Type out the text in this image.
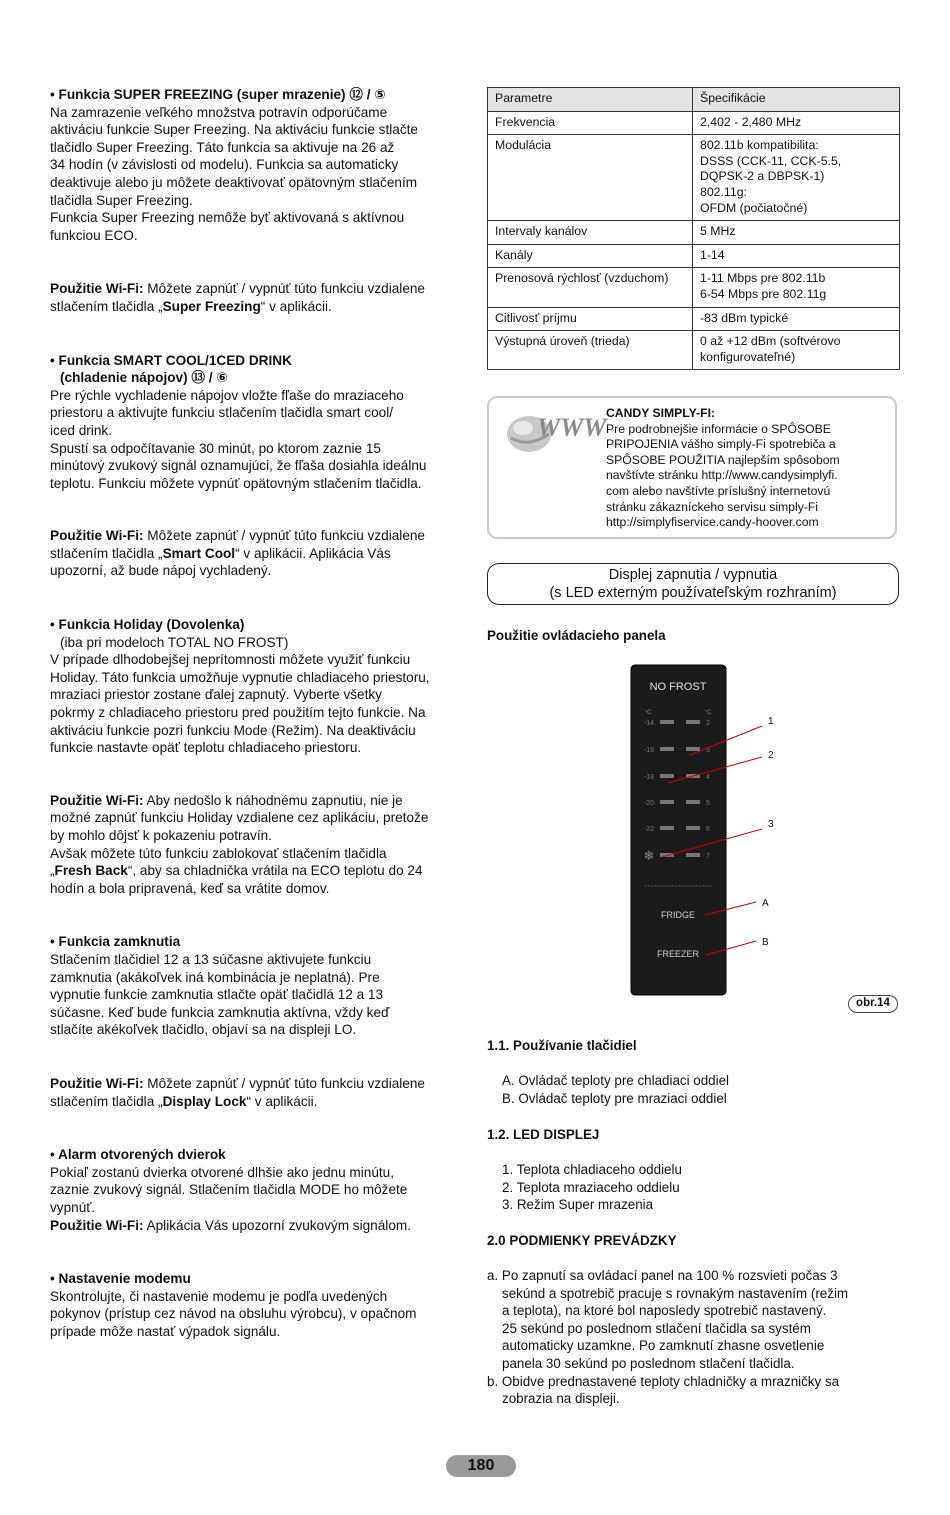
• Funkcia SUPER FREEZING (super mrazenie) ⑫ / ⑤

Na zamrazenie veľkého množstva potravín odporúčame

aktiváciu funkcie Super Freezing. Na aktiváciu funkcie stlačte

tlačidlo Super Freezing. Táto funkcia sa aktivuje na 26 až

34 hodín (v závislosti od modelu). Funkcia sa automaticky

deaktivuje alebo ju môžete deaktivovať opätovným stlačením

tlačidla Super Freezing.

Funkcia Super Freezing nemôže byť aktivovaná s aktívnou

funkciou ECO.

Použitie Wi-Fi: Môžete zapnúť / vypnúť túto funkciu vzdialene

stlačením tlačidla „Super Freezing“ v aplikácii.

• Funkcia SMART COOL/1CED DRINK

(chladenie nápojov) ⑬ / ⑥

Pre rýchle vychladenie nápojov vložte fľaše do mraziaceho

priestoru a aktivujte funkciu stlačením tlačidla smart cool/

iced drink.

Spustí sa odpočítavanie 30 minút, po ktorom zaznie 15

minútový zvukový signál oznamujúci, že fľaša dosiahla ideálnu

teplotu. Funkciu môžete vypnúť opätovným stlačením tlačidla.

Použitie Wi-Fi: Môžete zapnúť / vypnúť túto funkciu vzdialene

stlačením tlačidla „Smart Cool“ v aplikácii. Aplikácia Vás

upozorní, až bude nápoj vychladený.

• Funkcia Holiday (Dovolenka)

(iba pri modeloch TOTAL NO FROST)

V prípade dlhodobejšej neprítomnosti môžete využiť funkciu

Holiday. Táto funkcia umožňuje vypnutie chladiaceho priestoru,

mraziaci priestor zostane ďalej zapnutý. Vyberte všetky

pokrmy z chladiaceho priestoru pred použitím tejto funkcie. Na

aktiváciu funkcie pozri funkciu Mode (Režim). Na deaktiváciu

funkcie nastavte opäť teplotu chladiaceho priestoru.

Použitie Wi-Fi: Aby nedošlo k náhodnému zapnutiu, nie je

možné zapnúť funkciu Holiday vzdialene cez aplikáciu, pretože

by mohlo dôjsť k pokazeniu potravín.

Avšak môžete túto funkciu zablokovať stlačením tlačidla

„Fresh Back“, aby sa chladnička vrátila na ECO teplotu do 24

hodín a bola pripravená, keď sa vrátite domov.

• Funkcia zamknutia

Stlačením tlačidiel 12 a 13 súčasne aktivujete funkciu

zamknutia (akákoľvek iná kombinácia je neplatná). Pre

vypnutie funkcie zamknutia stlačte opäť tlačidlá 12 a 13

súčasne. Keď bude funkcia zamknutia aktívna, vždy keď

stlačíte akékoľvek tlačidlo, objaví sa na displeji LO.

Použitie Wi-Fi: Môžete zapnúť / vypnúť túto funkciu vzdialene

stlačením tlačidla „Display Lock“ v aplikácii.

• Alarm otvorených dvierok

Pokiaľ zostanú dvierka otvorené dlhšie ako jednu minútu,

zaznie zvukový signál. Stlačením tlačidla MODE ho môžete

vypnúť.

Použitie Wi-Fi: Aplikácia Vás upozorní zvukovým signálom.

• Nastavenie modemu

Skontrolujte, či nastavenie modemu je podľa uvedených

pokynov (prístup cez návod na obsluhu výrobcu), v opačnom

prípade môže nastať výpadok signálu.

Parametre	Špecifikácie
Frekvencia	2,402 - 2,480 MHz
Modulácia	802.11b kompatibilita:
DSSS (CCK-11, CCK-5.5,
DQPSK-2 a DBPSK-1)
802.11g:
OFDM (počiatočné)
Intervaly kanálov	5 MHz
Kanály	1-14
Prenosová rýchlosť (vzduchom)	1-11 Mbps pre 802.11b
6-54 Mbps pre 802.11g
Citlivosť príjmu	-83 dBm typické
Výstupná úroveň (trieda)	0 až +12 dBm (softvérovo
konfigurovateľné)
WWW CANDY SIMPLY-FI:
Pre podrobnejšie informácie o SPÔSOBE
PRIPOJENIA vášho simply-Fi spotrebiča a
SPÔSOBE POUŽITIA najlepším spôsobom
navštívte stránku http://www.candysimplyfi.
com alebo navštívte príslušný internetovú
stránku zákazníckeho servisu simply-Fi
http://simplyfiservice.candy-hoover.com
Displej zapnutia / vypnutia
(s LED externým používateľským rozhraním)
Použitie ovládacieho panela
NO FROST
°C	°C
-14	2
-16	3
-18	4
-20	5
-22	6
❄	7
FRIDGE
FREEZER
1
2
3
A
B
obr.14
1.1. Používanie tlačidiel

A. Ovládač teploty pre chladiaci oddiel

B. Ovládač teploty pre mraziaci oddiel

1.2. LED DISPLEJ

1. Teplota chladiaceho oddielu

2. Teplota mraziaceho oddielu

3. Režim Super mrazenia

2.0 PODMIENKY PREVÁDZKY

a. Po zapnutí sa ovládací panel na 100 % rozsvieti počas 3

sekúnd a spotrebič pracuje s rovnakým nastavením (režim

a teplota), na ktoré bol naposledy spotrebič nastavený.

25 sekúnd po poslednom stlačení tlačidla sa systém

automaticky uzamkne. Po zamknutí zhasne osvetlenie

panela 30 sekúnd po poslednom stlačení tlačidla.

b. Obidve prednastavené teploty chladničky a mrazničky sa

zobrazia na displeji.

180
